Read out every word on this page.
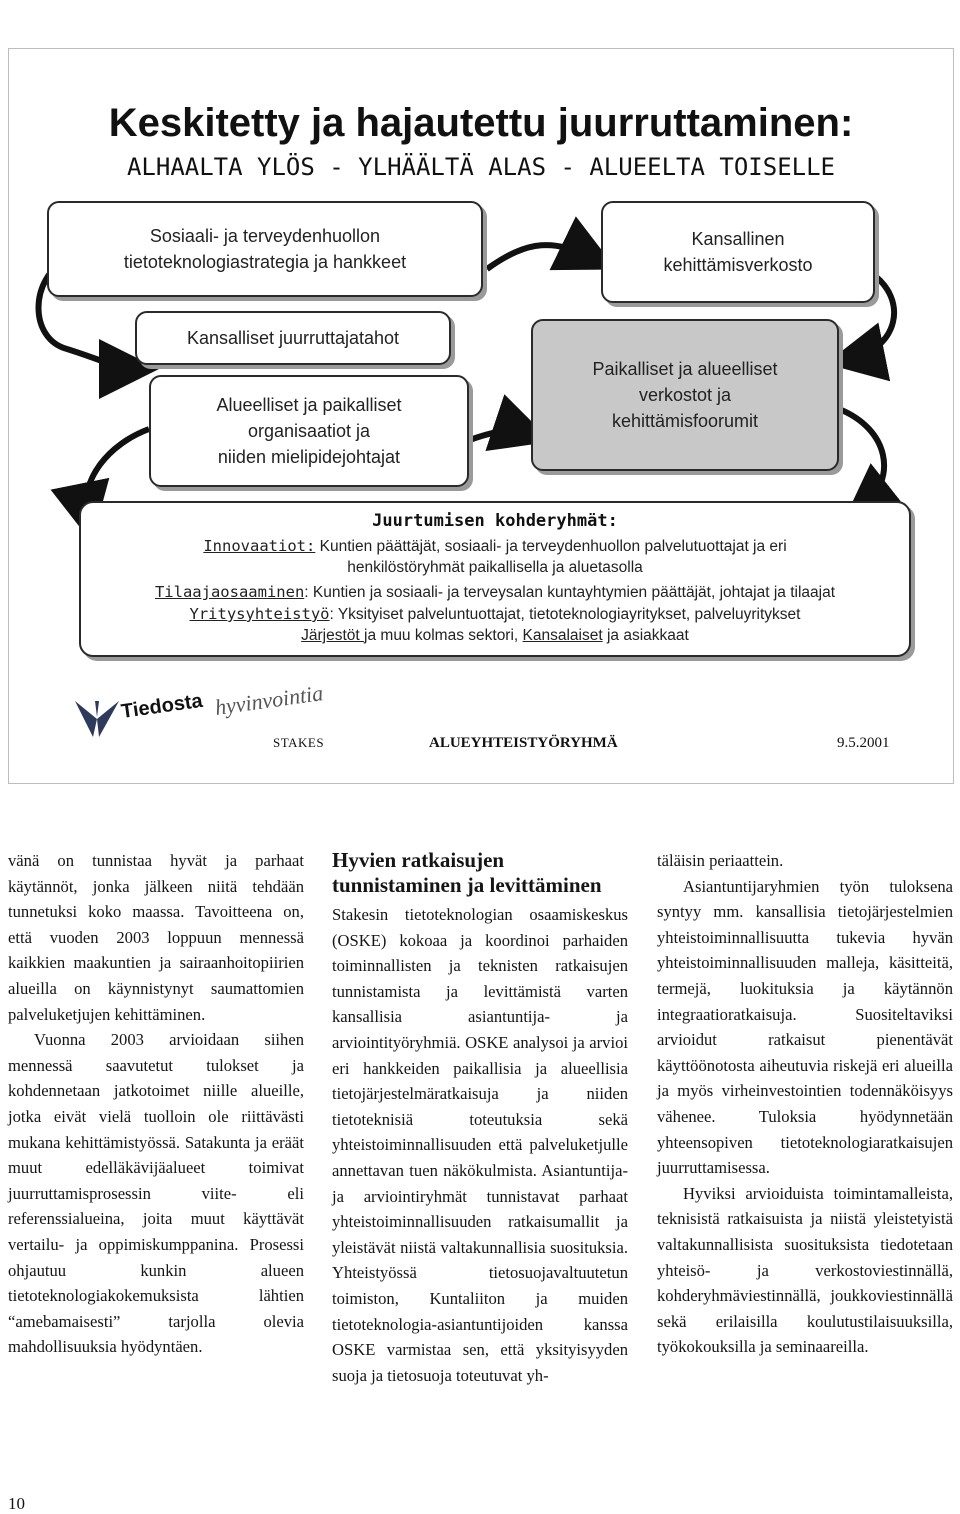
Keskitetty ja hajautettu juurruttaminen:
ALHAALTA YLÖS - YLHÄÄLTÄ ALAS - ALUEELTA TOISELLE
Sosiaali- ja terveydenhuollon
tietoteknologiastrategia ja hankkeet
Kansallinen
kehittämisverkosto
Kansalliset juurruttajatahot
Alueelliset ja paikalliset
organisaatiot ja
niiden mielipidejohtajat
Paikalliset ja alueelliset
verkostot ja
kehittämisfoorumit
Juurtumisen kohderyhmät:
Innovaatiot: Kuntien päättäjät, sosiaali- ja terveydenhuollon palvelutuottajat ja eri
henkilöstöryhmät paikallisella ja aluetasolla
Tilaajaosaaminen: Kuntien ja sosiaali- ja terveysalan kuntayhtymien päättäjät, johtajat ja tilaajat
Yritysyhteistyö: Yksityiset palveluntuottajat, tietoteknologiayritykset, palveluyritykset
Järjestöt ja muu kolmas sektori, Kansalaiset ja asiakkaat
Tiedosta hyvinvointia
STAKES	ALUEYHTEISTYÖRYHMÄ	9.5.2001

vänä on tunnistaa hyvät ja parhaat käytännöt, jonka jälkeen niitä tehdään tunnetuksi koko maassa. Tavoitteena on, että vuoden 2003 loppuun mennessä kaikkien maakuntien ja sairaanhoitopiirien alueilla on käynnistynyt saumattomien palveluketjujen kehittäminen.

Vuonna 2003 arvioidaan siihen mennessä saavutetut tulokset ja kohdennetaan jatkotoimet niille alueille, jotka eivät vielä tuolloin ole riittävästi mukana kehittämistyössä. Satakunta ja eräät muut edelläkävijäalueet toimivat juurruttamisprosessin viite- eli referenssialueina, joita muut käyttävät vertailu- ja oppimiskumppanina. Prosessi ohjautuu kunkin alueen tietoteknologiakokemuksista lähtien “amebamaisesti” tarjolla olevia mahdollisuuksia hyödyntäen.

Hyvien ratkaisujen tunnistaminen ja levittäminen

Stakesin tietoteknologian osaamiskeskus (OSKE) kokoaa ja koordinoi parhaiden toiminnallisten ja teknisten ratkaisujen tunnistamista ja levittämistä varten kansallisia asiantuntija- ja arviointityöryhmiä. OSKE analysoi ja arvioi eri hankkeiden paikallisia ja alueellisia tietojärjestelmäratkaisuja ja niiden tietoteknisiä toteutuksia sekä yhteistoiminnallisuuden että palveluketjulle annettavan tuen näkökulmista. Asiantuntija- ja arviointiryhmät tunnistavat parhaat yhteistoiminnallisuuden ratkaisumallit ja yleistävät niistä valtakunnallisia suosituksia. Yhteistyössä tietosuojavaltuutetun toimiston, Kuntaliiton ja muiden tietoteknologia-asiantuntijoiden kanssa OSKE varmistaa sen, että yksityisyyden suoja ja tietosuoja toteutuvat yh-

täläisin periaattein.

Asiantuntijaryhmien työn tuloksena syntyy mm. kansallisia tietojärjestelmien yhteistoiminnallisuutta tukevia hyvän yhteistoiminnallisuuden malleja, käsitteitä, termejä, luokituksia ja käytännön integraatioratkaisuja. Suositeltaviksi arvioidut ratkaisut pienentävät käyttöönotosta aiheutuvia riskejä eri alueilla ja myös virheinvestointien todennäköisyys vähenee. Tuloksia hyödynnetään yhteensopiven tietoteknologiaratkaisujen juurruttamisessa.

Hyviksi arvioiduista toimintamalleista, teknisistä ratkaisuista ja niistä yleistetyistä valtakunnallisista suosituksista tiedotetaan yhteisö- ja verkostoviestinnällä, kohderyhmäviestinnällä, joukkoviestinnällä sekä erilaisilla koulutustilaisuuksilla, työkokouksilla ja seminaareilla.

10
